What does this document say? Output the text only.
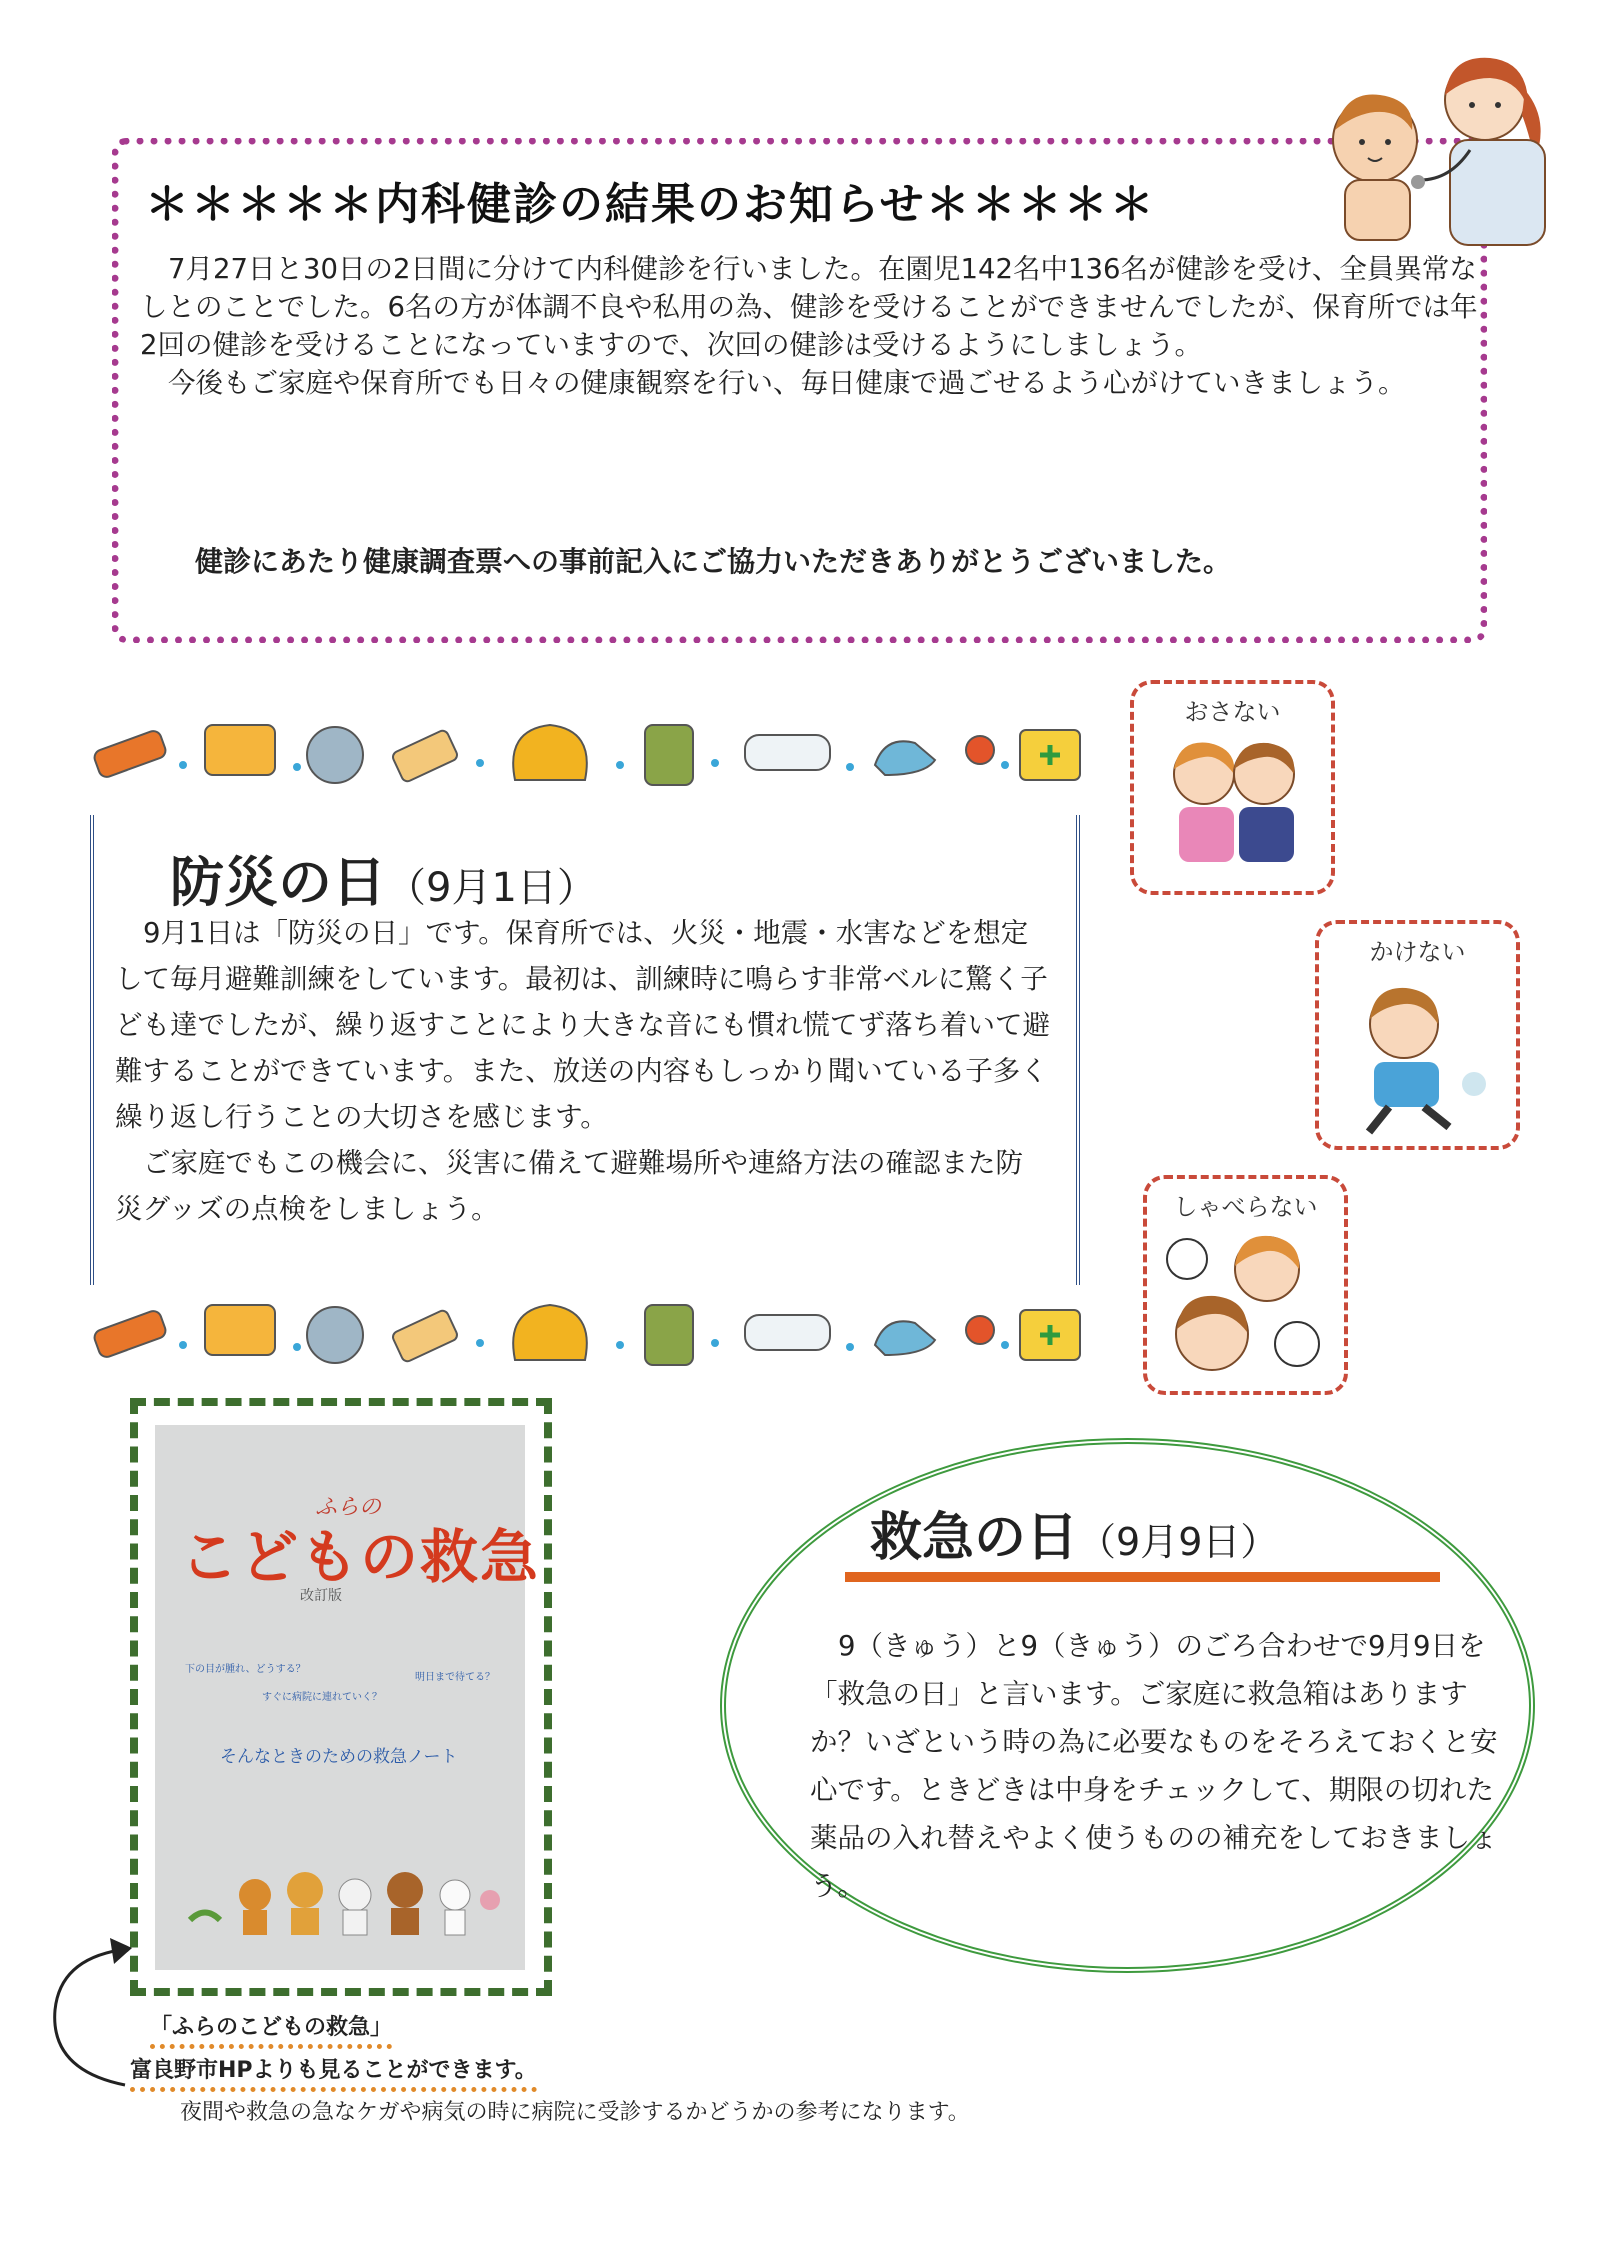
＊＊＊＊＊内科健診の結果のお知らせ＊＊＊＊＊

7月27日と30日の2日間に分けて内科健診を行いました。在園児142名中136名が健診を受け、全員異常なしとのことでした。6名の方が体調不良や私用の為、健診を受けることができませんでしたが、保育所では年2回の健診を受けることになっていますので、次回の健診は受けるようにしましょう。

今後もご家庭や保育所でも日々の健康観察を行い、毎日健康で過ごせるよう心がけていきましょう。

健診にあたり健康調査票への事前記入にご協力いただきありがとうございました。
防災の日（9月1日）

9月1日は「防災の日」です。保育所では、火災・地震・水害などを想定して毎月避難訓練をしています。最初は、訓練時に鳴らす非常ベルに驚く子ども達でしたが、繰り返すことにより大きな音にも慣れ慌てず落ち着いて避難することができています。また、放送の内容もしっかり聞いている子多く繰り返し行うことの大切さを感じます。

ご家庭でもこの機会に、災害に備えて避難場所や連絡方法の確認また防災グッズの点検をしましょう。

おさない
かけない
しゃべらない
ふらの
こどもの救急
改訂版
下の目が腫れ、どうする？
明日まで待てる？
すぐに病院に連れていく？
そんなときのための救急ノート
「ふらのこどもの救急」
富良野市HPよりも見ることができます。
夜間や救急の急なケガや病気の時に病院に受診するかどうかの参考になります。
救急の日（9月9日）

9（きゅう）と9（きゅう）のごろ合わせで9月9日を「救急の日」と言います。ご家庭に救急箱はありますか？いざという時の為に必要なものをそろえておくと安心です。ときどきは中身をチェックして、期限の切れた薬品の入れ替えやよく使うものの補充をしておきましょう。
